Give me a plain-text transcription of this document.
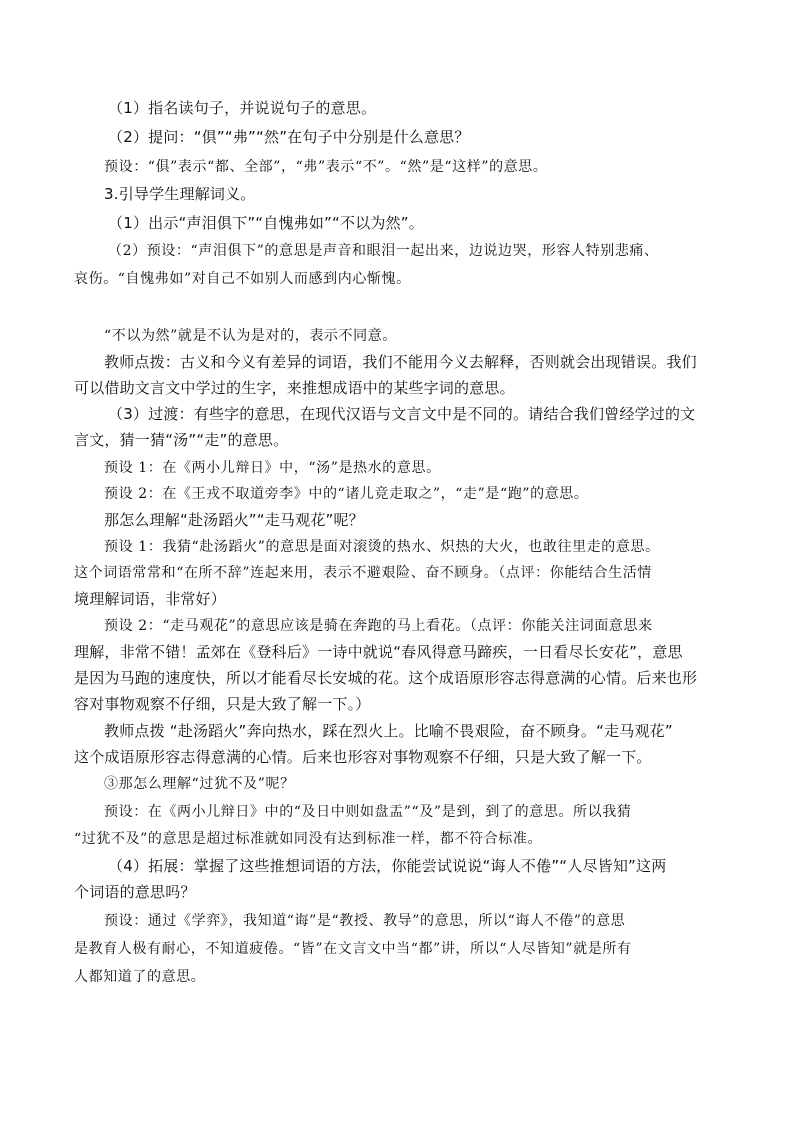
（1）指名读句子，并说说句子的意思。
（2）提问：“俱”“弗”“然”在句子中分别是什么意思？
预设：“俱”表示“都、全部”，“弗”表示“不”。“然”是“这样”的意思。
3.引导学生理解词义。
（1）出示“声泪俱下”“自愧弗如”“不以为然”。
（2）预设：“声泪俱下”的意思是声音和眼泪一起出来，边说边哭，形容人特别悲痛、
哀伤。“自愧弗如”对自己不如别人而感到内心惭愧。
“不以为然”就是不认为是对的，表示不同意。
教师点拨：古义和今义有差异的词语，我们不能用今义去解释，否则就会出现错误。我们
可以借助文言文中学过的生字，来推想成语中的某些字词的意思。
（3）过渡：有些字的意思，在现代汉语与文言文中是不同的。请结合我们曾经学过的文
言文，猜一猜“汤”“走”的意思。
预设 1：在《两小儿辩日》中，“汤”是热水的意思。
预设 2：在《王戎不取道旁李》中的“诸儿竞走取之”，“走”是“跑”的意思。
那怎么理解“赴汤蹈火”“走马观花”呢？
预设 1：我猜“赴汤蹈火”的意思是面对滚烫的热水、炽热的大火，也敢往里走的意思。
这个词语常常和“在所不辞”连起来用，表示不避艰险、奋不顾身。（点评：你能结合生活情
境理解词语，非常好）
预设 2：“走马观花”的意思应该是骑在奔跑的马上看花。（点评：你能关注词面意思来
理解，非常不错！孟郊在《登科后》一诗中就说“春风得意马蹄疾，一日看尽长安花”，意思
是因为马跑的速度快，所以才能看尽长安城的花。这个成语原形容志得意满的心情。后来也形
容对事物观察不仔细，只是大致了解一下。）
教师点拨 “赴汤蹈火”奔向热水，踩在烈火上。比喻不畏艰险，奋不顾身。“走马观花”
这个成语原形容志得意满的心情。后来也形容对事物观察不仔细，只是大致了解一下。
③那怎么理解“过犹不及”呢？
预设：在《两小儿辩日》中的“及日中则如盘盂”“及”是到，到了的意思。所以我猜
“过犹不及”的意思是超过标准就如同没有达到标准一样，都不符合标准。
（4）拓展：掌握了这些推想词语的方法，你能尝试说说“诲人不倦”“人尽皆知”这两
个词语的意思吗？
预设：通过《学弈》，我知道“诲”是“教授、教导”的意思，所以“诲人不倦”的意思
是教育人极有耐心，不知道疲倦。“皆”在文言文中当“都”讲，所以“人尽皆知”就是所有
人都知道了的意思。
